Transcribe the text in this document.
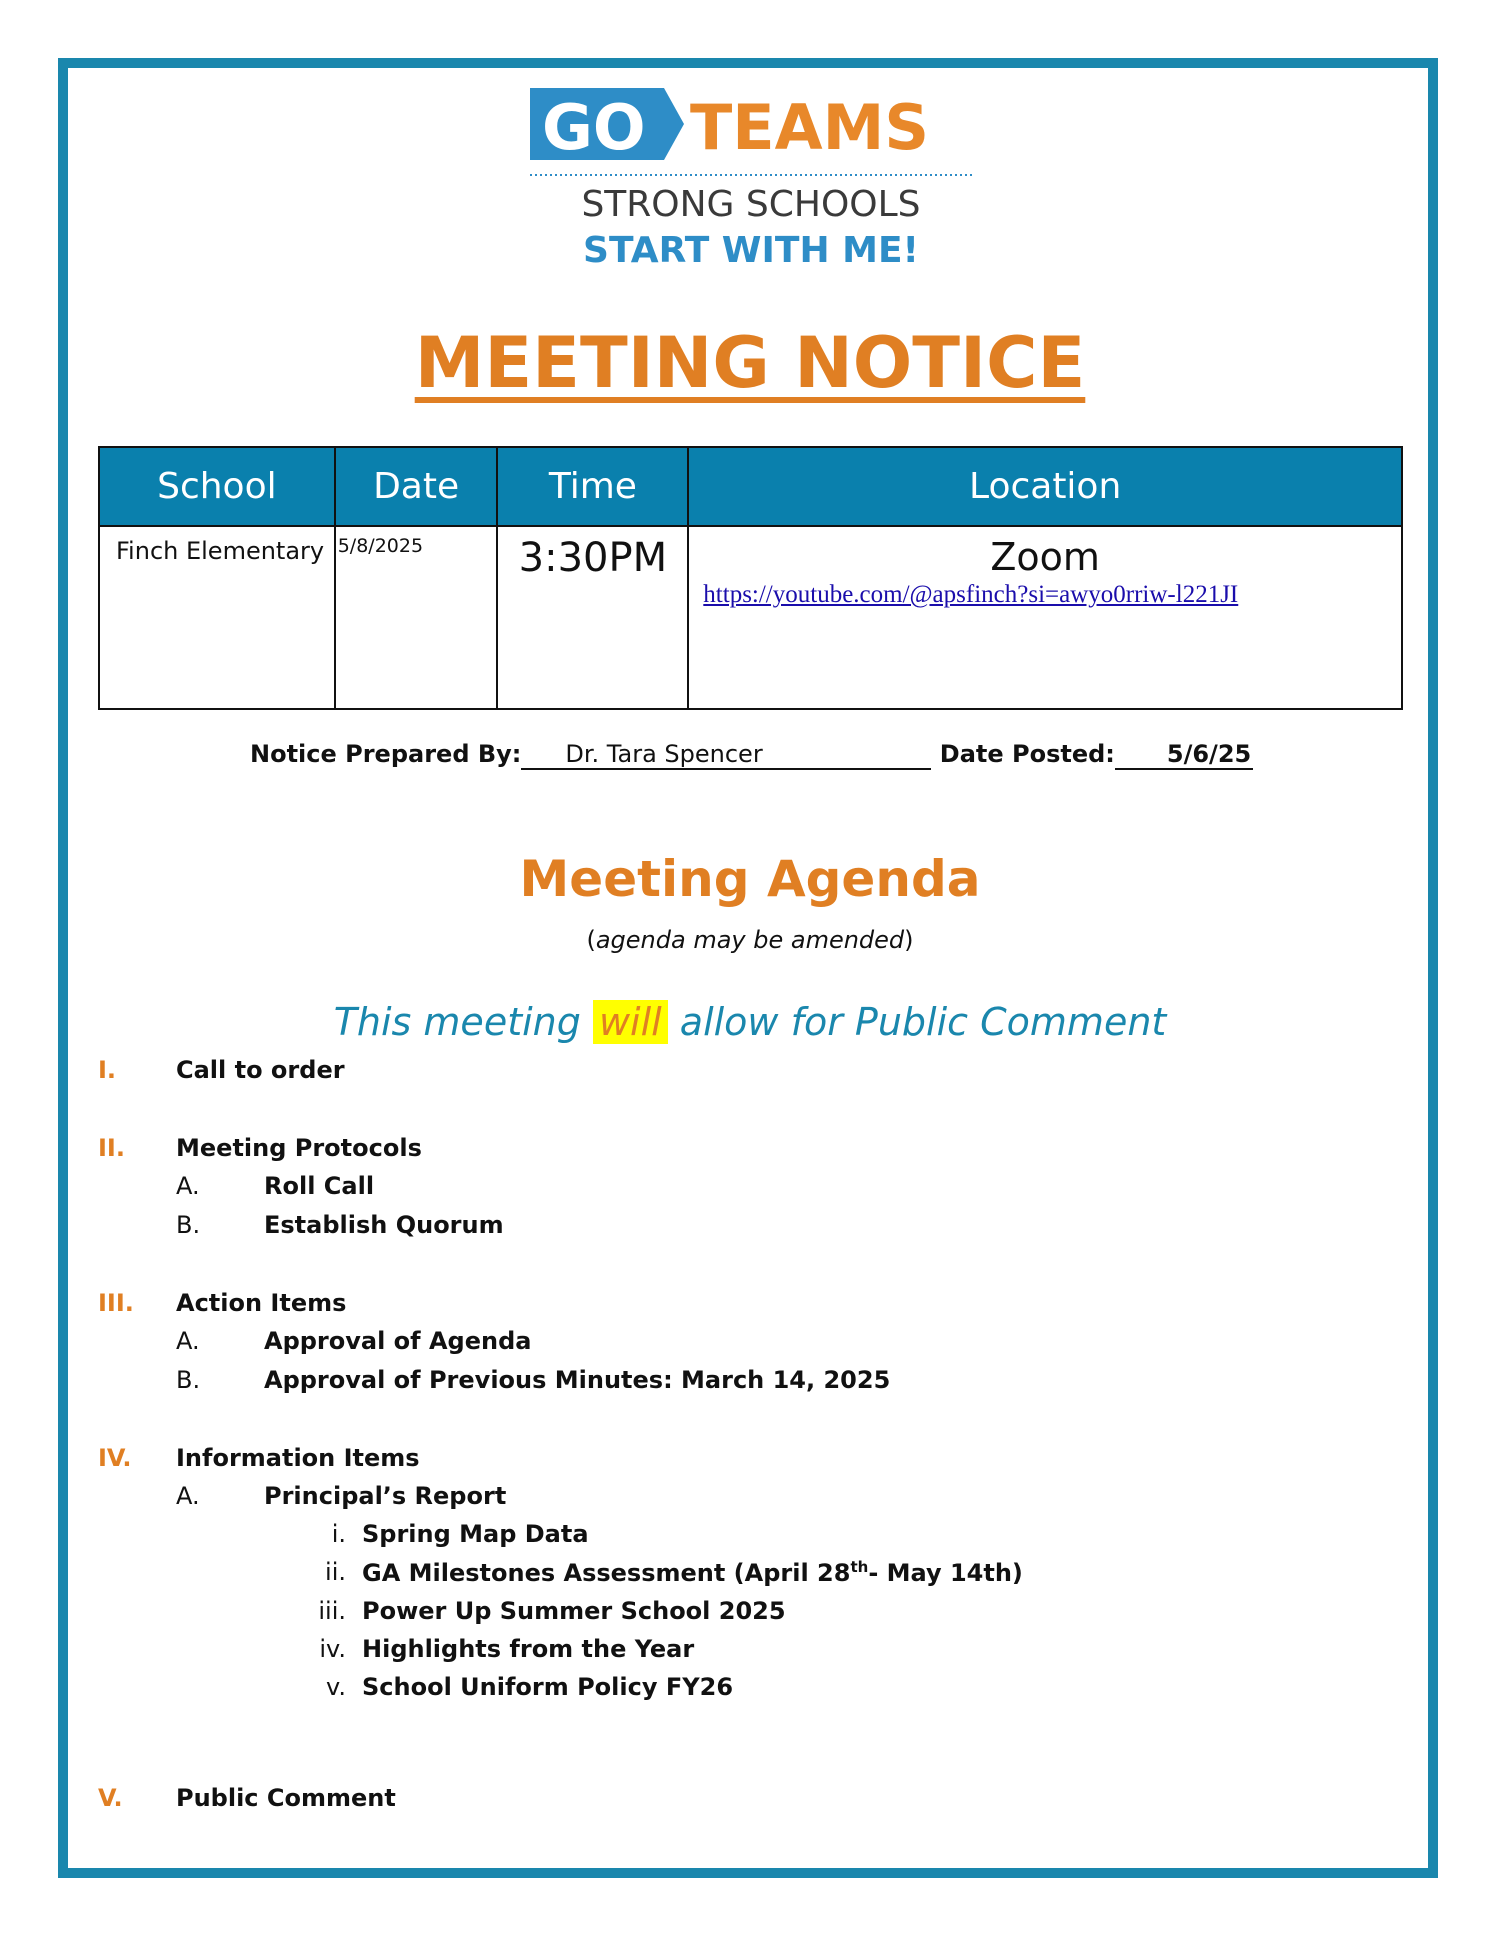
GO TEAMS
STRONG SCHOOLS
START WITH ME!
MEETING NOTICE
School	Date	Time	Location
Finch Elementary	5/8/2025	3:30PM	Zoom
https://youtube.com/@apsfinch?si=awyo0rriw-l221JI
Notice Prepared By: Dr. Tara Spencer	Date Posted: 5/6/25
Meeting Agenda
(agenda may be amended)
This meeting will allow for Public Comment
I. Call to order
II. Meeting Protocols
A.	Roll Call
B.	Establish Quorum
III. Action Items
A.	Approval of Agenda
B.	Approval of Previous Minutes: March 14, 2025
IV. Information Items
A.	Principal’s Report
i. Spring Map Data
ii. GA Milestones Assessment (April 28th- May 14th)
iii. Power Up Summer School 2025
iv. Highlights from the Year
v. School Uniform Policy FY26
V. Public Comment
